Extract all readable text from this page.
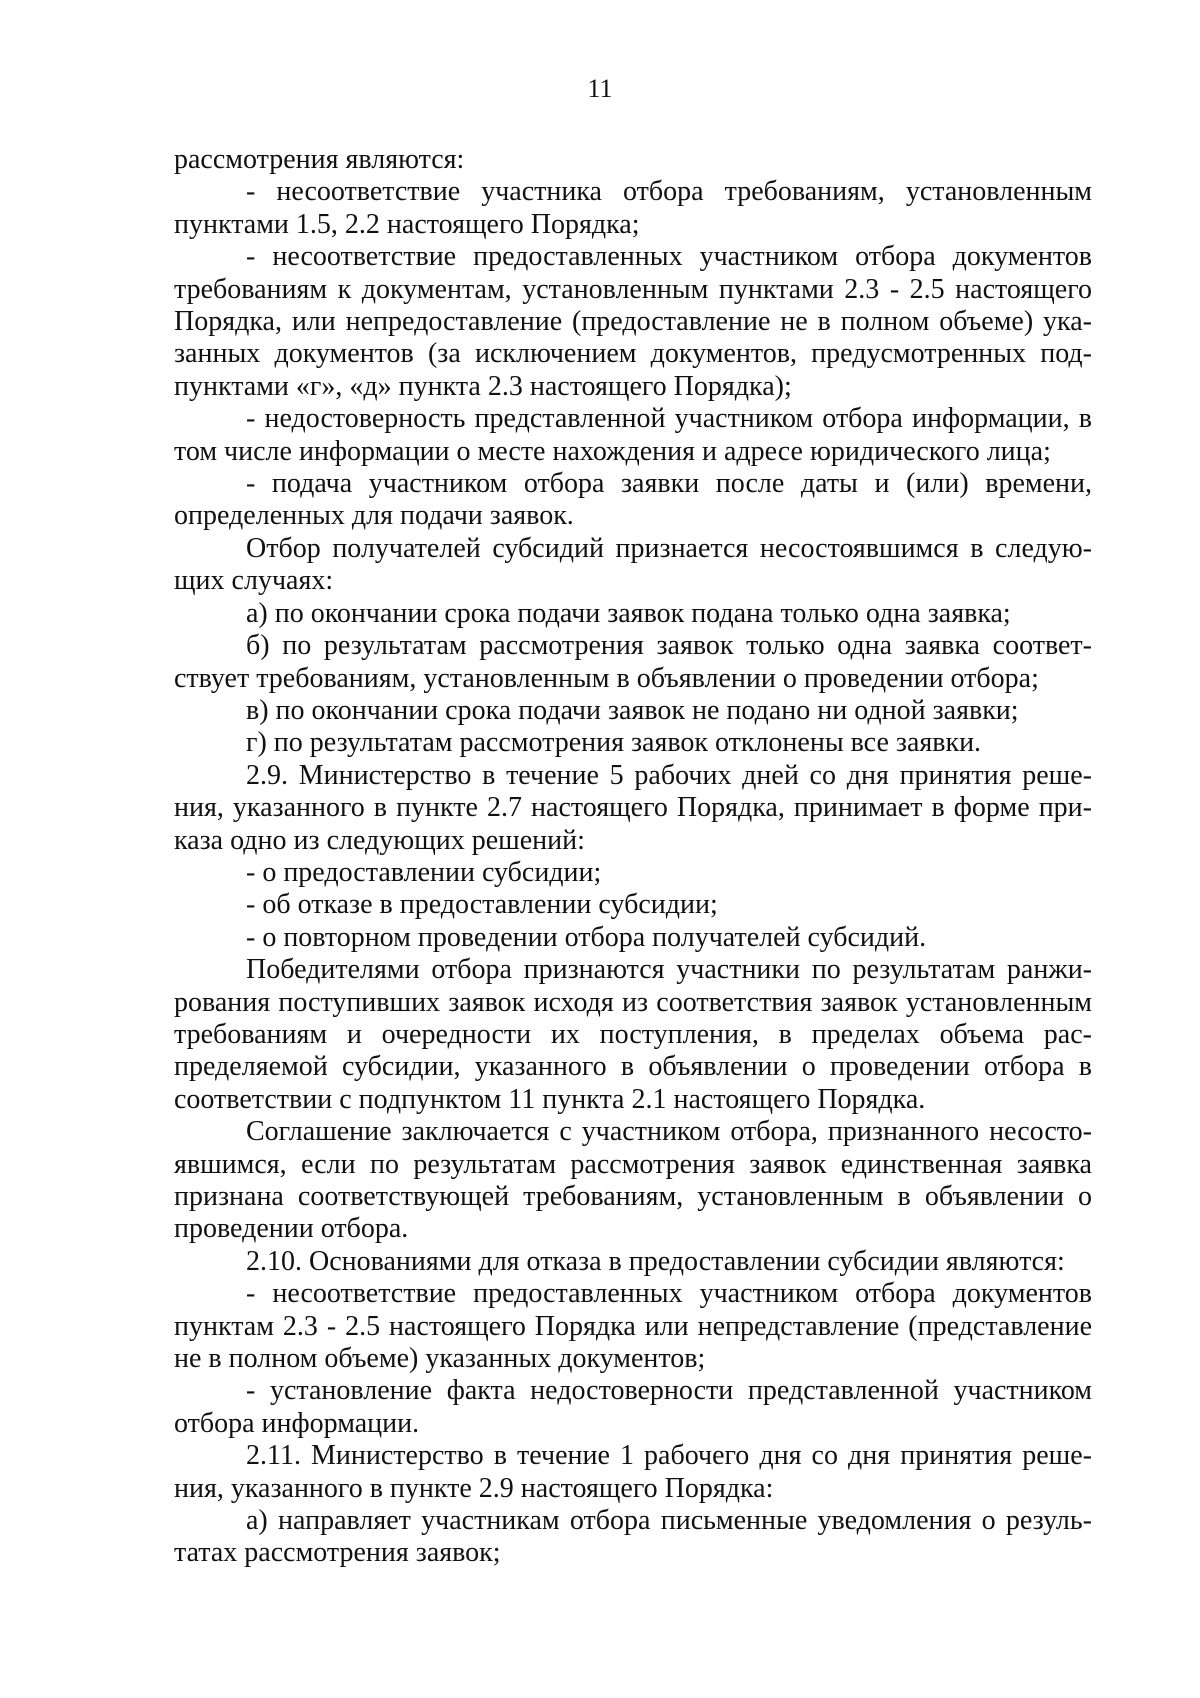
11

рассмотрения являются:

- несоответствие участника отбора требованиям, установленным пунктами 1.5, 2.2 настоящего Порядка;

- несоответствие предоставленных участником отбора документов требованиям к документам, установленным пунктами 2.3 - 2.5 настоящего Порядка, или непредоставление (предоставление не в полном объеме) указанных документов (за исключением документов, предусмотренных подпунктами «г», «д» пункта 2.3 настоящего Порядка);

- недостоверность представленной участником отбора информации, в том числе информации о месте нахождения и адресе юридического лица;

- подача участником отбора заявки после даты и (или) времени, определенных для подачи заявок.

Отбор получателей субсидий признается несостоявшимся в следующих случаях:

а) по окончании срока подачи заявок подана только одна заявка;

б) по результатам рассмотрения заявок только одна заявка соответствует требованиям, установленным в объявлении о проведении отбора;

в) по окончании срока подачи заявок не подано ни одной заявки;

г) по результатам рассмотрения заявок отклонены все заявки.

2.9. Министерство в течение 5 рабочих дней со дня принятия решения, указанного в пункте 2.7 настоящего Порядка, принимает в форме приказа одно из следующих решений:

- о предоставлении субсидии;

- об отказе в предоставлении субсидии;

- о повторном проведении отбора получателей субсидий.

Победителями отбора признаются участники по результатам ранжирования поступивших заявок исходя из соответствия заявок установленным требованиям и очередности их поступления, в пределах объема распределяемой субсидии, указанного в объявлении о проведении отбора в соответствии с подпунктом 11 пункта 2.1 настоящего Порядка.

Соглашение заключается с участником отбора, признанного несостоявшимся, если по результатам рассмотрения заявок единственная заявка признана соответствующей требованиям, установленным в объявлении о проведении отбора.

2.10. Основаниями для отказа в предоставлении субсидии являются:

- несоответствие предоставленных участником отбора документов пунктам 2.3 - 2.5 настоящего Порядка или непредставление (представление не в полном объеме) указанных документов;

- установление факта недостоверности представленной участником отбора информации.

2.11. Министерство в течение 1 рабочего дня со дня принятия решения, указанного в пункте 2.9 настоящего Порядка:

а) направляет участникам отбора письменные уведомления о результатах рассмотрения заявок;
